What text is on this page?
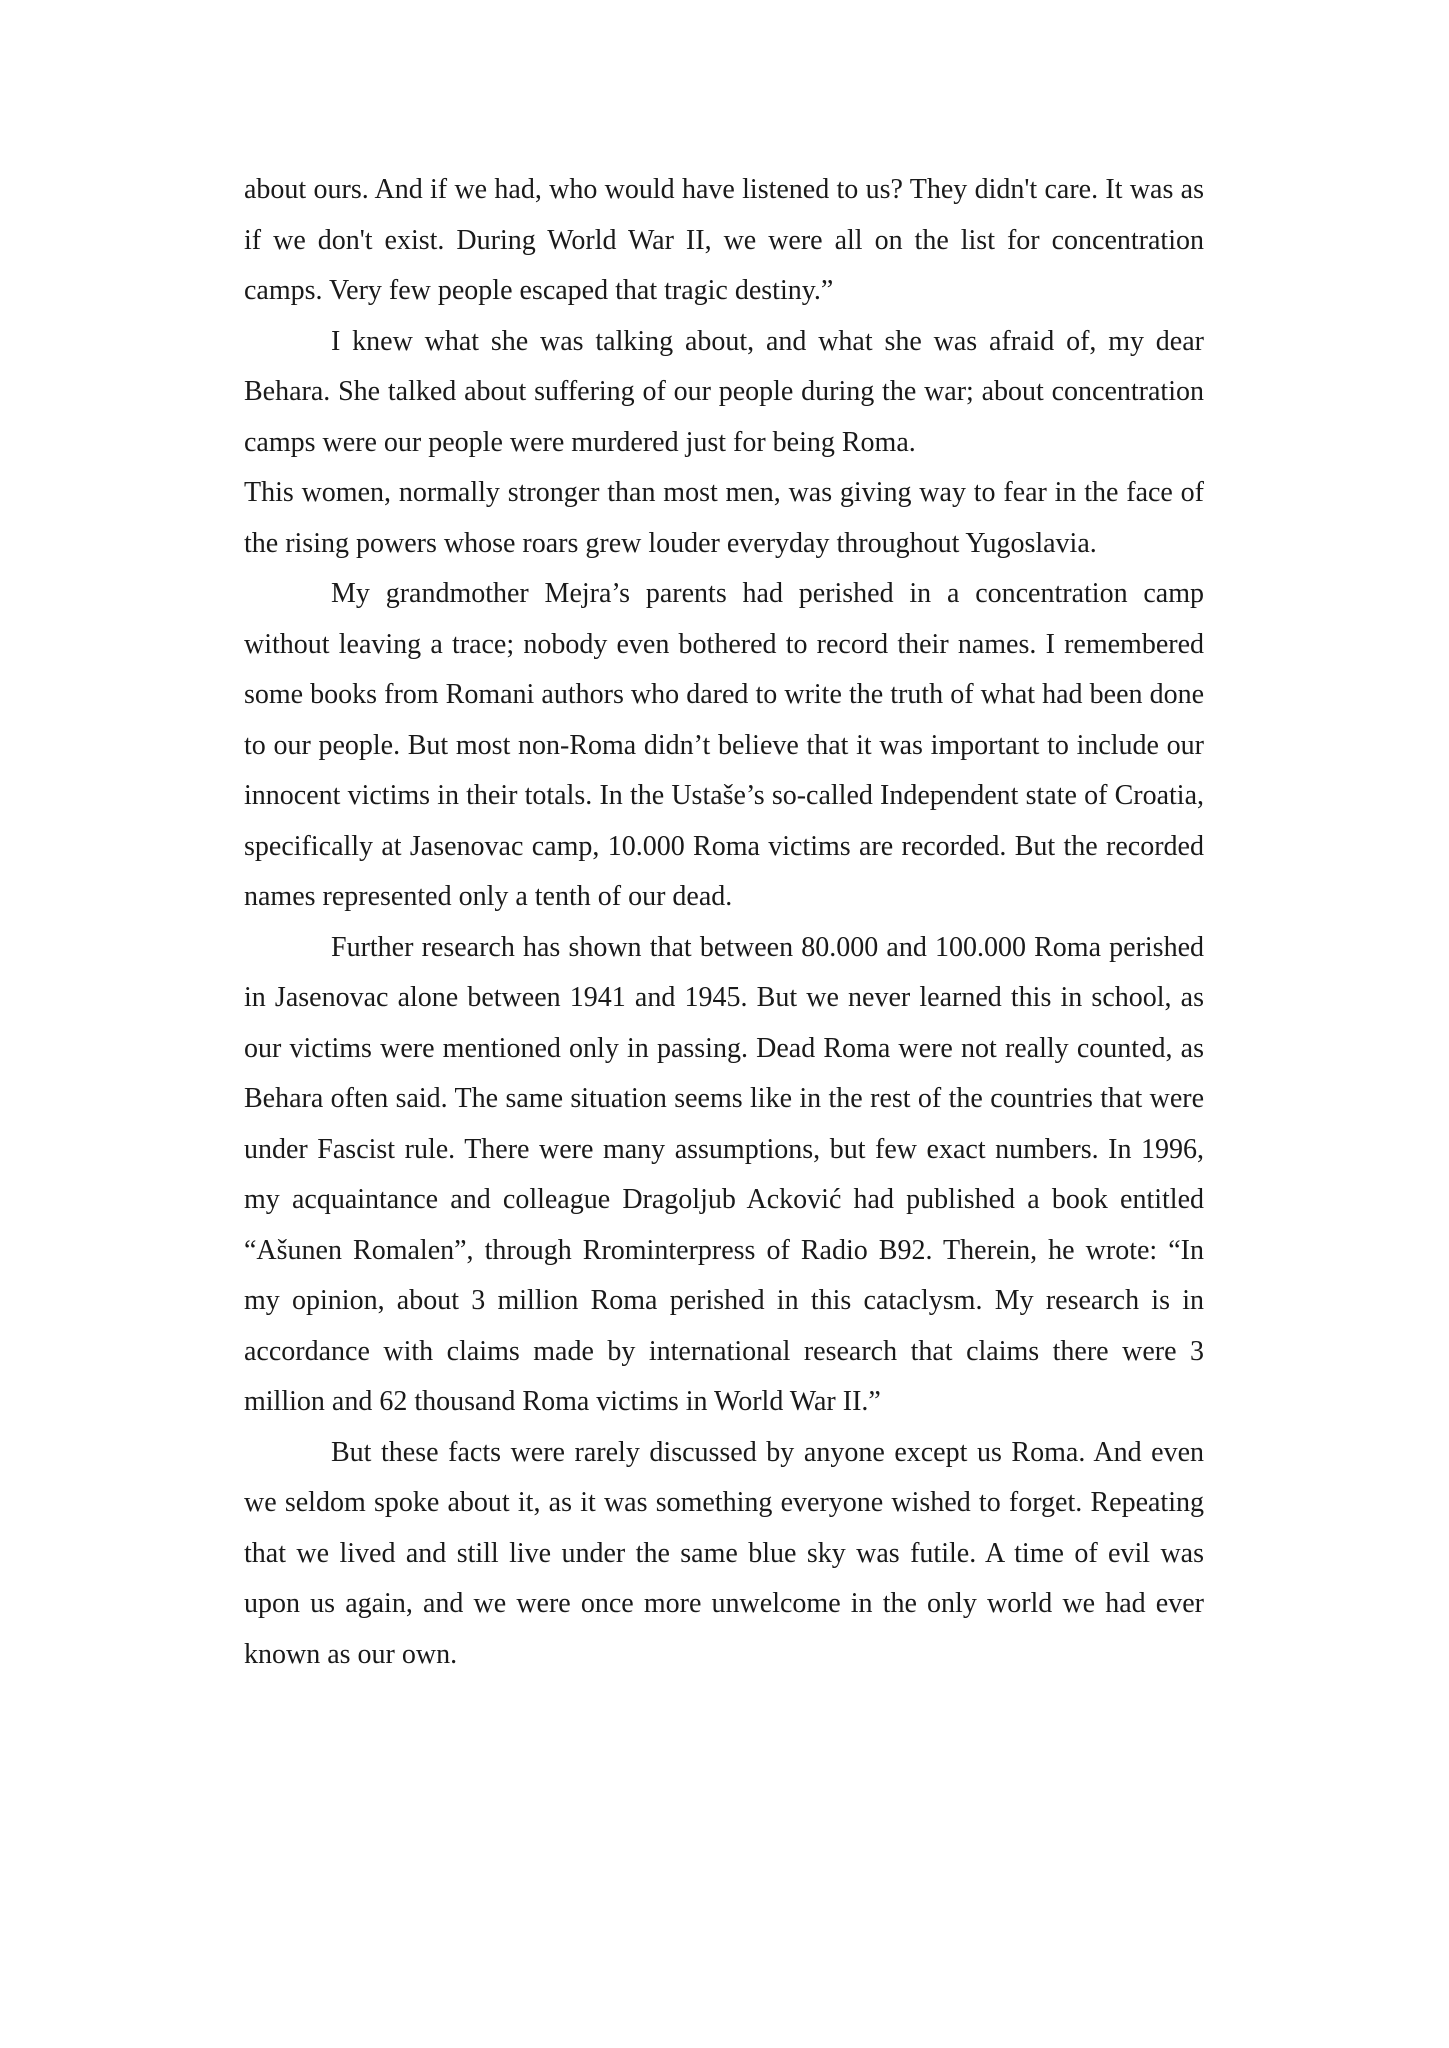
about ours. And if we had, who would have listened to us? They didn't care. It was as if we don't exist. During World War II, we were all on the list for concentration camps. Very few people escaped that tragic destiny.”

I knew what she was talking about, and what she was afraid of, my dear Behara. She talked about suffering of our people during the war; about concentration camps were our people were murdered just for being Roma.

This women, normally stronger than most men, was giving way to fear in the face of the rising powers whose roars grew louder everyday throughout Yugoslavia.

My grandmother Mejra’s parents had perished in a concentration camp without leaving a trace; nobody even bothered to record their names. I remembered some books from Romani authors who dared to write the truth of what had been done to our people. But most non-Roma didn’t believe that it was important to include our innocent victims in their totals. In the Ustaše’s so-called Independent state of Croatia, specifically at Jasenovac camp, 10.000 Roma victims are recorded. But the recorded names represented only a tenth of our dead.

Further research has shown that between 80.000 and 100.000 Roma perished in Jasenovac alone between 1941 and 1945. But we never learned this in school, as our victims were mentioned only in passing. Dead Roma were not really counted, as Behara often said. The same situation seems like in the rest of the countries that were under Fascist rule. There were many assumptions, but few exact numbers. In 1996, my acquaintance and colleague Dragoljub Acković had published a book entitled “Ašunen Romalen”, through Rrominterpress of Radio B92. Therein, he wrote: “In my opinion, about 3 million Roma perished in this cataclysm. My research is in accordance with claims made by international research that claims there were 3 million and 62 thousand Roma victims in World War II.”

But these facts were rarely discussed by anyone except us Roma. And even we seldom spoke about it, as it was something everyone wished to forget. Repeating that we lived and still live under the same blue sky was futile. A time of evil was upon us again, and we were once more unwelcome in the only world we had ever known as our own.
